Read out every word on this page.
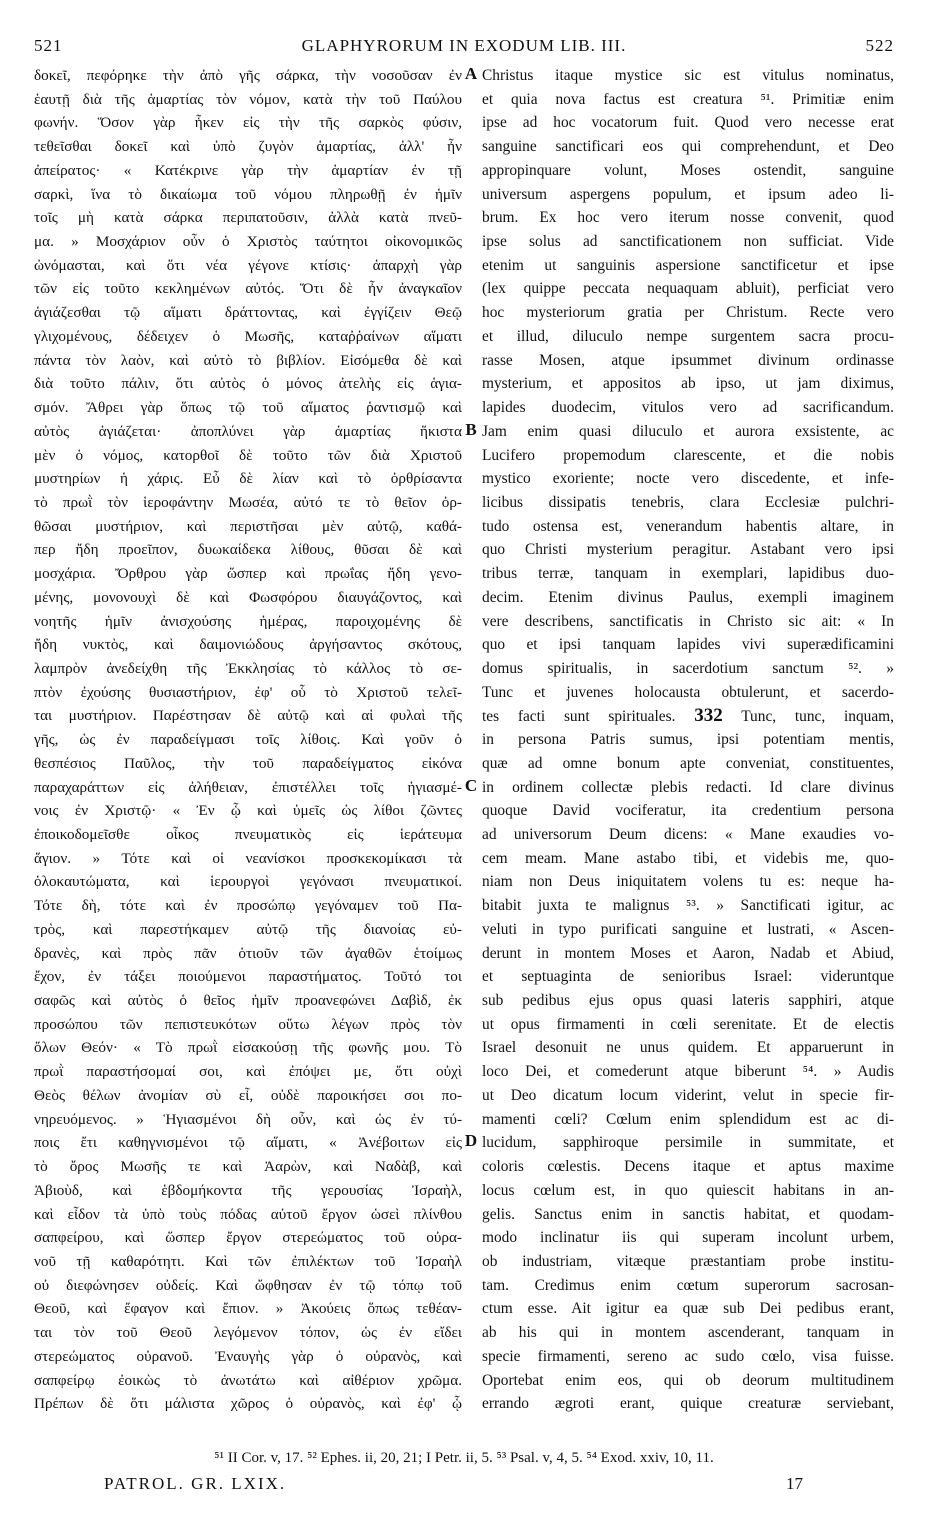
521	GLAPHYRORUM IN EXODUM LIB. III.	522
δοκεῖ, πεφόρηκε τὴν ἀπὸ γῆς σάρκα, τὴν νοσοῦσαν ἐν
ἑαυτῇ διὰ τῆς ἁμαρτίας τὸν νόμον, κατὰ τὴν τοῦ Παύλου
φωνήν. Ὅσον γὰρ ἧκεν εἰς τὴν τῆς σαρκὸς φύσιν,
τεθεῖσθαι δοκεῖ καὶ ὑπὸ ζυγὸν ἁμαρτίας, ἀλλ' ἦν
ἀπείρατος· « Κατέκρινε γὰρ τὴν ἁμαρτίαν ἐν τῇ
σαρκὶ, ἵνα τὸ δικαίωμα τοῦ νόμου πληρωθῇ ἐν ἡμῖν
τοῖς μὴ κατὰ σάρκα περιπατοῦσιν, ἀλλὰ κατὰ πνεῦ-
μα. » Μοσχάριον οὖν ὁ Χριστὸς ταύτητοι οἰκονομικῶς
ὠνόμασται, καὶ ὅτι νέα γέγονε κτίσις· ἀπαρχὴ γὰρ
τῶν εἰς τοῦτο κεκλημένων αὐτός. Ὅτι δὲ ἦν ἀναγκαῖον
ἁγιάζεσθαι τῷ αἵματι δράττοντας, καὶ ἐγγίζειν Θεῷ
γλιχομένους, δέδειχεν ὁ Μωσῆς, καταῤῥαίνων αἵματι
πάντα τὸν λαὸν, καὶ αὐτὸ τὸ βιβλίον. Εἰσόμεθα δὲ καὶ
διὰ τοῦτο πάλιν, ὅτι αὐτὸς ὁ μόνος ἀτελὴς εἰς ἁγια-
σμόν. Ἄθρει γὰρ ὅπως τῷ τοῦ αἵματος ῥαντισμῷ καὶ
αὐτὸς ἁγιάζεται· ἀποπλύνει γὰρ ἁμαρτίας ἥκιστα
μὲν ὁ νόμος, κατορθοῖ δὲ τοῦτο τῶν διὰ Χριστοῦ
μυστηρίων ἡ χάρις. Εὖ δὲ λίαν καὶ τὸ ὀρθρίσαντα
τὸ πρωῒ τὸν ἱεροφάντην Μωσέα, αὐτό τε τὸ θεῖον ὀρ-
θῶσαι μυστήριον, καὶ περιστῆσαι μὲν αὐτῷ, καθά-
περ ἤδη προεῖπον, δυωκαίδεκα λίθους, θῦσαι δὲ καὶ
μοσχάρια. Ὄρθρου γὰρ ὥσπερ καὶ πρωΐας ἤδη γενο-
μένης, μονονουχὶ δὲ καὶ Φωσφόρου διαυγάζοντος, καὶ
νοητῆς ἡμῖν ἀνισχούσης ἡμέρας, παροιχομένης δὲ
ἤδη νυκτὸς, καὶ δαιμονιώδους ἀργήσαντος σκότους,
λαμπρὸν ἀνεδείχθη τῆς Ἐκκλησίας τὸ κάλλος τὸ σε-
πτὸν ἐχούσης θυσιαστήριον, ἐφ' οὗ τὸ Χριστοῦ τελεῖ-
ται μυστήριον. Παρέστησαν δὲ αὐτῷ καὶ αἱ φυλαὶ τῆς
γῆς, ὡς ἐν παραδείγμασι τοῖς λίθοις. Καὶ γοῦν ὁ
θεσπέσιος Παῦλος, τὴν τοῦ παραδείγματος εἰκόνα
παραχαράττων εἰς ἀλήθειαν, ἐπιστέλλει τοῖς ἡγιασμέ-
νοις ἐν Χριστῷ· « Ἐν ᾧ καὶ ὑμεῖς ὡς λίθοι ζῶντες
ἐποικοδομεῖσθε οἶκος πνευματικὸς εἰς ἱεράτευμα
ἅγιον. » Τότε καὶ οἱ νεανίσκοι προσκεκομίκασι τὰ
ὁλοκαυτώματα, καὶ ἱερουργοὶ γεγόνασι πνευματικοί.
Τότε δὴ, τότε καὶ ἐν προσώπῳ γεγόναμεν τοῦ Πα-
τρὸς, καὶ παρεστήκαμεν αὐτῷ τῆς διανοίας εὐ-
δρανὲς, καὶ πρὸς πᾶν ὁτιοῦν τῶν ἀγαθῶν ἑτοίμως
ἔχον, ἐν τάξει ποιούμενοι παραστήματος. Τοῦτό τοι
σαφῶς καὶ αὐτὸς ὁ θεῖος ἡμῖν προανεφώνει Δαβὶδ, ἐκ
προσώπου τῶν πεπιστευκότων οὕτω λέγων πρὸς τὸν
ὅλων Θεόν· « Τὸ πρωῒ εἰσακούσῃ τῆς φωνῆς μου. Τὸ
πρωῒ παραστήσομαί σοι, καὶ ἐπόψει με, ὅτι οὐχὶ
Θεὸς θέλων ἀνομίαν σὺ εἶ, οὐδὲ παροικήσει σοι πο-
νηρευόμενος. » Ἡγιασμένοι δὴ οὖν, καὶ ὡς ἐν τύ-
ποις ἔτι καθηγνισμένοι τῷ αἵματι, « Ἀνέβοιτων εἰς
τὸ ὄρος Μωσῆς τε καὶ Ἀαρὼν, καὶ Ναδὰβ, καὶ
Ἀβιοὺδ, καὶ ἑβδομήκοντα τῆς γερουσίας Ἰσραὴλ,
καὶ εἶδον τὰ ὑπὸ τοὺς πόδας αὐτοῦ ἔργον ὡσεὶ πλίνθου
σαπφείρου, καὶ ὥσπερ ἔργον στερεώματος τοῦ οὐρα-
νοῦ τῇ καθαρότητι. Καὶ τῶν ἐπιλέκτων τοῦ Ἰσραὴλ
οὐ διεφώνησεν οὐδείς. Καὶ ὤφθησαν ἐν τῷ τόπῳ τοῦ
Θεοῦ, καὶ ἔφαγον καὶ ἔπιον. » Ἀκούεις ὅπως τεθέαν-
ται τὸν τοῦ Θεοῦ λεγόμενον τόπον, ὡς ἐν εἴδει
στερεώματος οὐρανοῦ. Ἐναυγὴς γὰρ ὁ οὐρανὸς, καὶ
σαπφείρῳ ἐοικὼς τὸ ἀνωτάτω καὶ αἰθέριον χρῶμα.
Πρέπων δὲ ὅτι μάλιστα χῶρος ὁ οὐρανὸς, καὶ ἐφ' ᾧ
A
B
C
D
Christus itaque mystice sic est vitulus nominatus,
et quia nova factus est creatura ⁵¹. Primitiæ enim
ipse ad hoc vocatorum fuit. Quod vero necesse erat
sanguine sanctificari eos qui comprehendunt, et Deo
appropinquare volunt, Moses ostendit, sanguine
universum aspergens populum, et ipsum adeo li-
brum. Ex hoc vero iterum nosse convenit, quod
ipse solus ad sanctificationem non sufficiat. Vide
etenim ut sanguinis aspersione sanctificetur et ipse
(lex quippe peccata nequaquam abluit), perficiat vero
hoc mysteriorum gratia per Christum. Recte vero
et illud, diluculo nempe surgentem sacra procu-
rasse Mosen, atque ipsummet divinum ordinasse
mysterium, et appositos ab ipso, ut jam diximus,
lapides duodecim, vitulos vero ad sacrificandum.
Jam enim quasi diluculo et aurora exsistente, ac
Lucifero propemodum clarescente, et die nobis
mystico exoriente; nocte vero discedente, et infe-
licibus dissipatis tenebris, clara Ecclesiæ pulchri-
tudo ostensa est, venerandum habentis altare, in
quo Christi mysterium peragitur. Astabant vero ipsi
tribus terræ, tanquam in exemplari, lapidibus duo-
decim. Etenim divinus Paulus, exempli imaginem
vere describens, sanctificatis in Christo sic ait: « In
quo et ipsi tanquam lapides vivi superædificamini
domus spiritualis, in sacerdotium sanctum ⁵². »
Tunc et juvenes holocausta obtulerunt, et sacerdo-
tes facti sunt spirituales. 332 Tunc, tunc, inquam,
in persona Patris sumus, ipsi potentiam mentis,
quæ ad omne bonum apte conveniat, constituentes,
in ordinem collectæ plebis redacti. Id clare divinus
quoque David vociferatur, ita credentium persona
ad universorum Deum dicens: « Mane exaudies vo-
cem meam. Mane astabo tibi, et videbis me, quo-
niam non Deus iniquitatem volens tu es: neque ha-
bitabit juxta te malignus ⁵³. » Sanctificati igitur, ac
veluti in typo purificati sanguine et lustrati, « Ascen-
derunt in montem Moses et Aaron, Nadab et Abiud,
et septuaginta de senioribus Israel: videruntque
sub pedibus ejus opus quasi lateris sapphiri, atque
ut opus firmamenti in cœli serenitate. Et de electis
Israel desonuit ne unus quidem. Et apparuerunt in
loco Dei, et comederunt atque biberunt ⁵⁴. » Audis
ut Deo dicatum locum viderint, velut in specie fir-
mamenti cœli? Cœlum enim splendidum est ac di-
lucidum, sapphiroque persimile in summitate, et
coloris cœlestis. Decens itaque et aptus maxime
locus cœlum est, in quo quiescit habitans in an-
gelis. Sanctus enim in sanctis habitat, et quodam-
modo inclinatur iis qui superam incolunt urbem,
ob industriam, vitæque præstantiam probe institu-
tam. Credimus enim cœtum superorum sacrosan-
ctum esse. Ait igitur ea quæ sub Dei pedibus erant,
ab his qui in montem ascenderant, tanquam in
specie firmamenti, sereno ac sudo cœlo, visa fuisse.
Oportebat enim eos, qui ob deorum multitudinem
errando ægroti erant, quique creaturæ serviebant,
⁵¹ II Cor. v, 17. ⁵² Ephes. ii, 20, 21; I Petr. ii, 5. ⁵³ Psal. v, 4, 5. ⁵⁴ Exod. xxiv, 10, 11.
PATROL. GR. LXIX.	17
